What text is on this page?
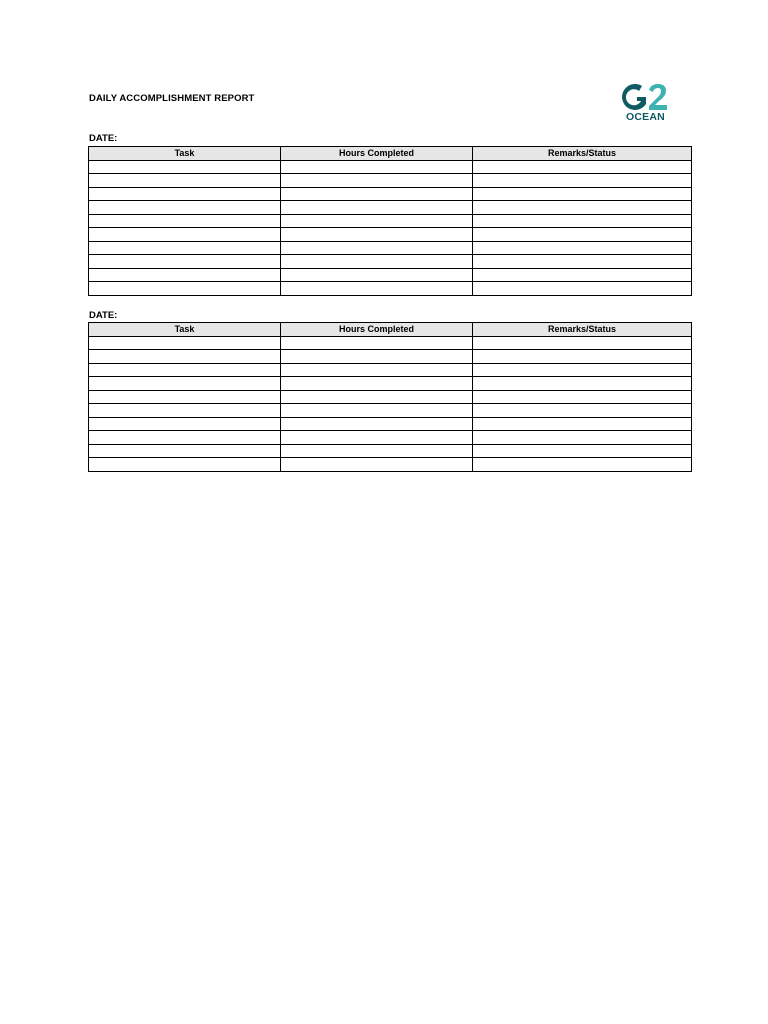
DAILY ACCOMPLISHMENT REPORT
OCEAN
DATE:
Task	Hours Completed	Remarks/Status

DATE:
Task	Hours Completed	Remarks/Status
